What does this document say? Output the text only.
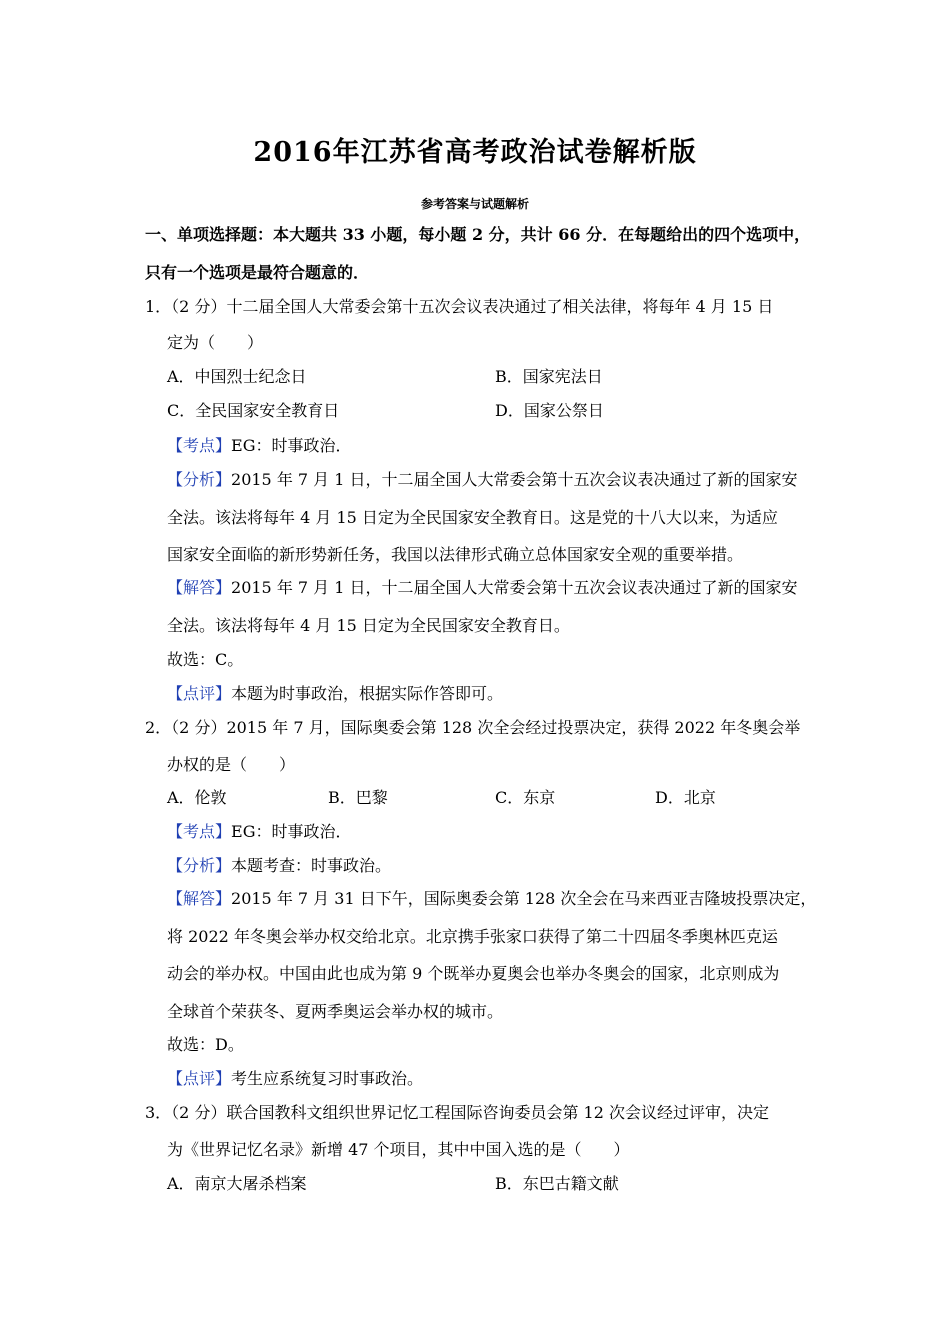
2016年江苏省高考政治试卷解析版
参考答案与试题解析
一、单项选择题：本大题共 33 小题，每小题 2 分，共计 66 分．在每题给出的四个选项中，
只有一个选项是最符合题意的．
1．（2 分）十二届全国人大常委会第十五次会议表决通过了相关法律，将每年 4 月 15 日
定为（　　）
A．中国烈士纪念日	B．国家宪法日
C．全民国家安全教育日	D．国家公祭日
【考点】EG：时事政治．
【分析】2015 年 7 月 1 日，十二届全国人大常委会第十五次会议表决通过了新的国家安
全法。该法将每年 4 月 15 日定为全民国家安全教育日。这是党的十八大以来，为适应
国家安全面临的新形势新任务，我国以法律形式确立总体国家安全观的重要举措。
【解答】2015 年 7 月 1 日，十二届全国人大常委会第十五次会议表决通过了新的国家安
全法。该法将每年 4 月 15 日定为全民国家安全教育日。
故选：C。
【点评】本题为时事政治，根据实际作答即可。
2．（2 分）2015 年 7 月，国际奥委会第 128 次全会经过投票决定，获得 2022 年冬奥会举
办权的是（　　）
A．伦敦	B．巴黎	C．东京	D．北京
【考点】EG：时事政治．
【分析】本题考查：时事政治。
【解答】2015 年 7 月 31 日下午，国际奥委会第 128 次全会在马来西亚吉隆坡投票决定，
将 2022 年冬奥会举办权交给北京。北京携手张家口获得了第二十四届冬季奥林匹克运
动会的举办权。中国由此也成为第 9 个既举办夏奥会也举办冬奥会的国家，北京则成为
全球首个荣获冬、夏两季奥运会举办权的城市。
故选：D。
【点评】考生应系统复习时事政治。
3．（2 分）联合国教科文组织世界记忆工程国际咨询委员会第 12 次会议经过评审，决定
为《世界记忆名录》新增 47 个项目，其中中国入选的是（　　）
A．南京大屠杀档案	B．东巴古籍文献
